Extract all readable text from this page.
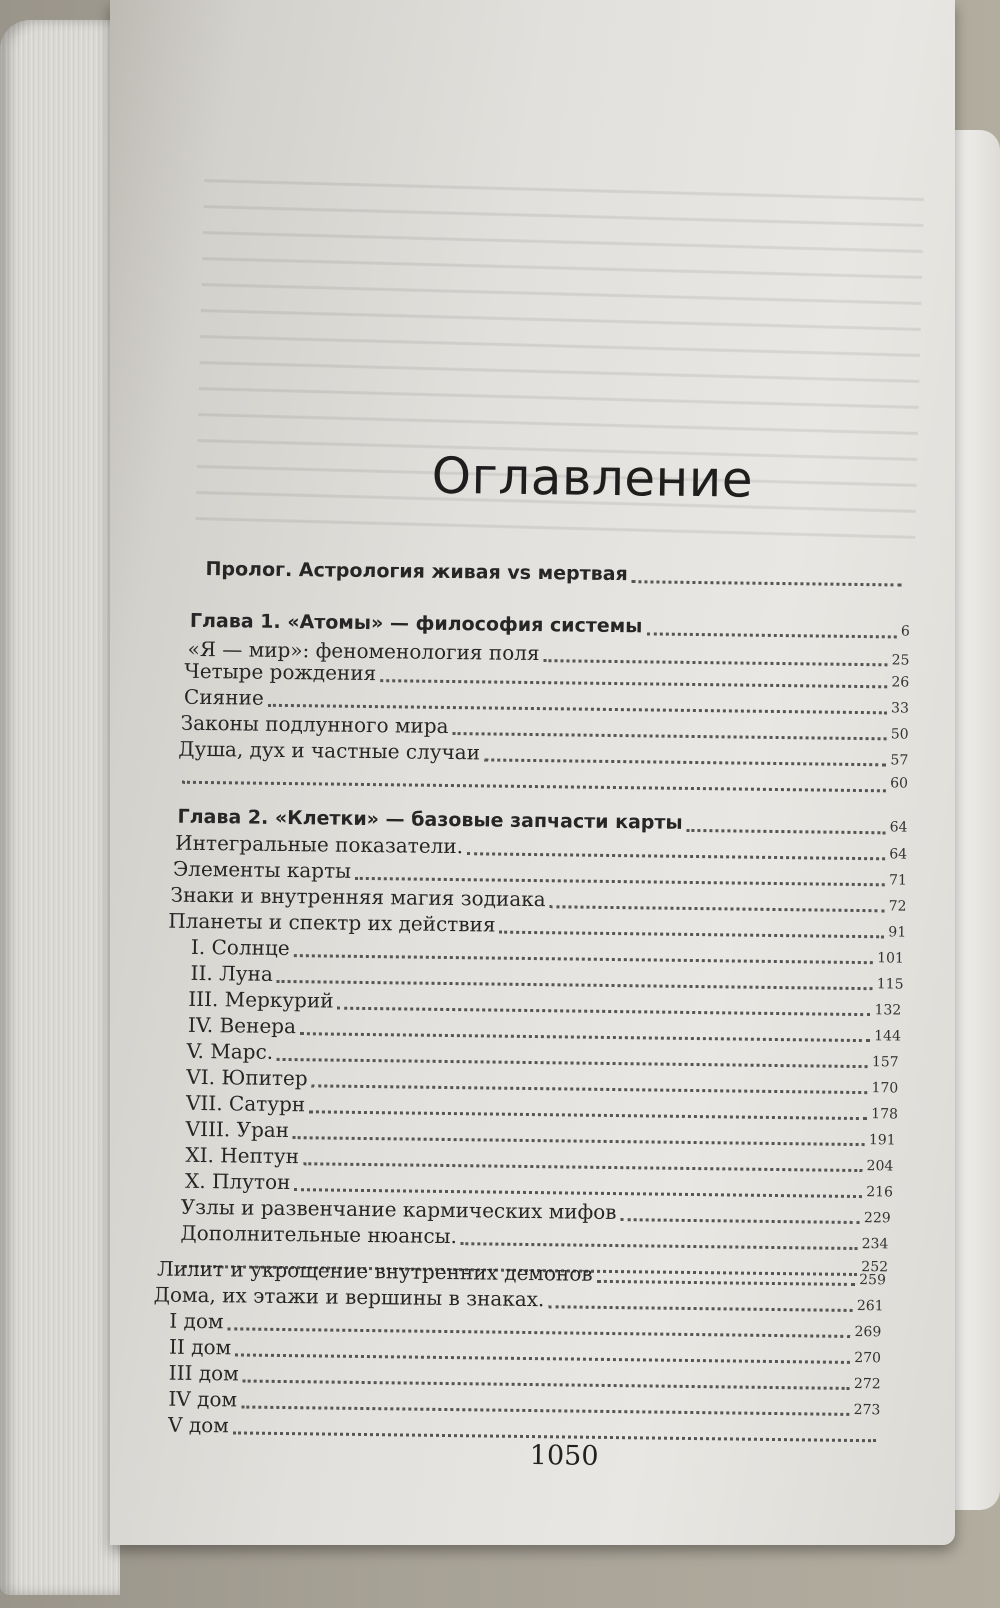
Оглавление
Пролог. Астрология живая vs мертвая
Глава 1. «Атомы» — философия системы	6
«Я — мир»: феноменология поля	25
Четыре рождения	26
Сияние	33
Законы подлунного мира	50
Душа, дух и частные случаи	57
60
Глава 2. «Клетки» — базовые запчасти карты	64
Интегральные показатели.	64
Элементы карты	71
Знаки и внутренняя магия зодиака	72
Планеты и спектр их действия	91
I. Солнце	101
II. Луна	115
III. Меркурий	132
IV. Венера	144
V. Марс.	157
VI. Юпитер	170
VII. Сатурн	178
VIII. Уран	191
XI. Нептун	204
X. Плутон	216
Узлы и развенчание кармических мифов	229
Дополнительные нюансы.	234
252
Лилит и укрощение внутренних демонов	259
Дома, их этажи и вершины в знаках.	261
I дом	269
II дом	270
III дом	272
IV дом	273
V дом
1050
